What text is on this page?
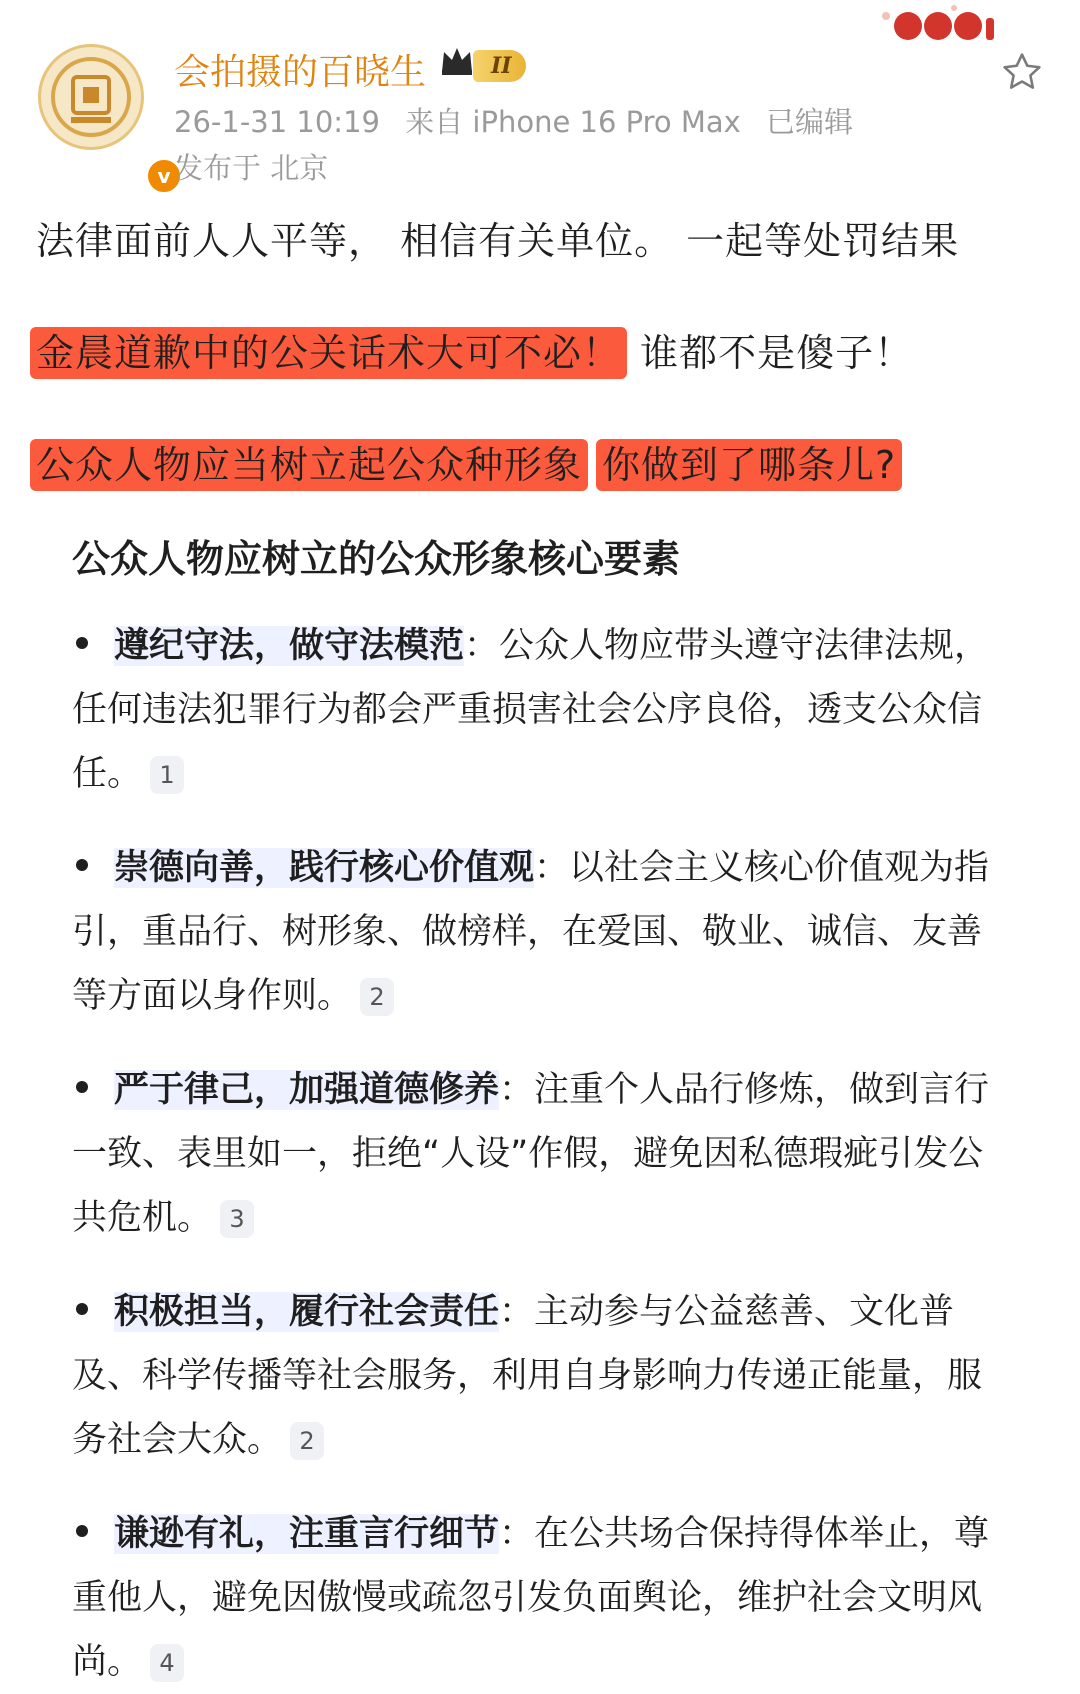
v
会拍摄的百晓生	II
26-1-31 10:19 来自 iPhone 16 Pro Max 已编辑
发布于 北京
法律面前人人平等， 相信有关单位。 一起等处罚结果
金晨道歉中的公关话术大可不必！ 谁都不是傻子！
公众人物应当树立起公众种形象 你做到了哪条儿?
公众人物应树立的公众形象核心要素
遵纪守法，做守法模范：公众人物应带头遵守法律法规，任何违法犯罪行为都会严重损害社会公序良俗，透支公众信任。 1
崇德向善，践行核心价值观：以社会主义核心价值观为指引，重品行、树形象、做榜样，在爱国、敬业、诚信、友善等方面以身作则。 2
严于律己，加强道德修养：注重个人品行修炼，做到言行一致、表里如一，拒绝“人设”作假，避免因私德瑕疵引发公共危机。 3
积极担当，履行社会责任：主动参与公益慈善、文化普及、科学传播等社会服务，利用自身影响力传递正能量，服务社会大众。 2
谦逊有礼，注重言行细节：在公共场合保持得体举止，尊重他人，避免因傲慢或疏忽引发负面舆论，维护社会文明风尚。 4
